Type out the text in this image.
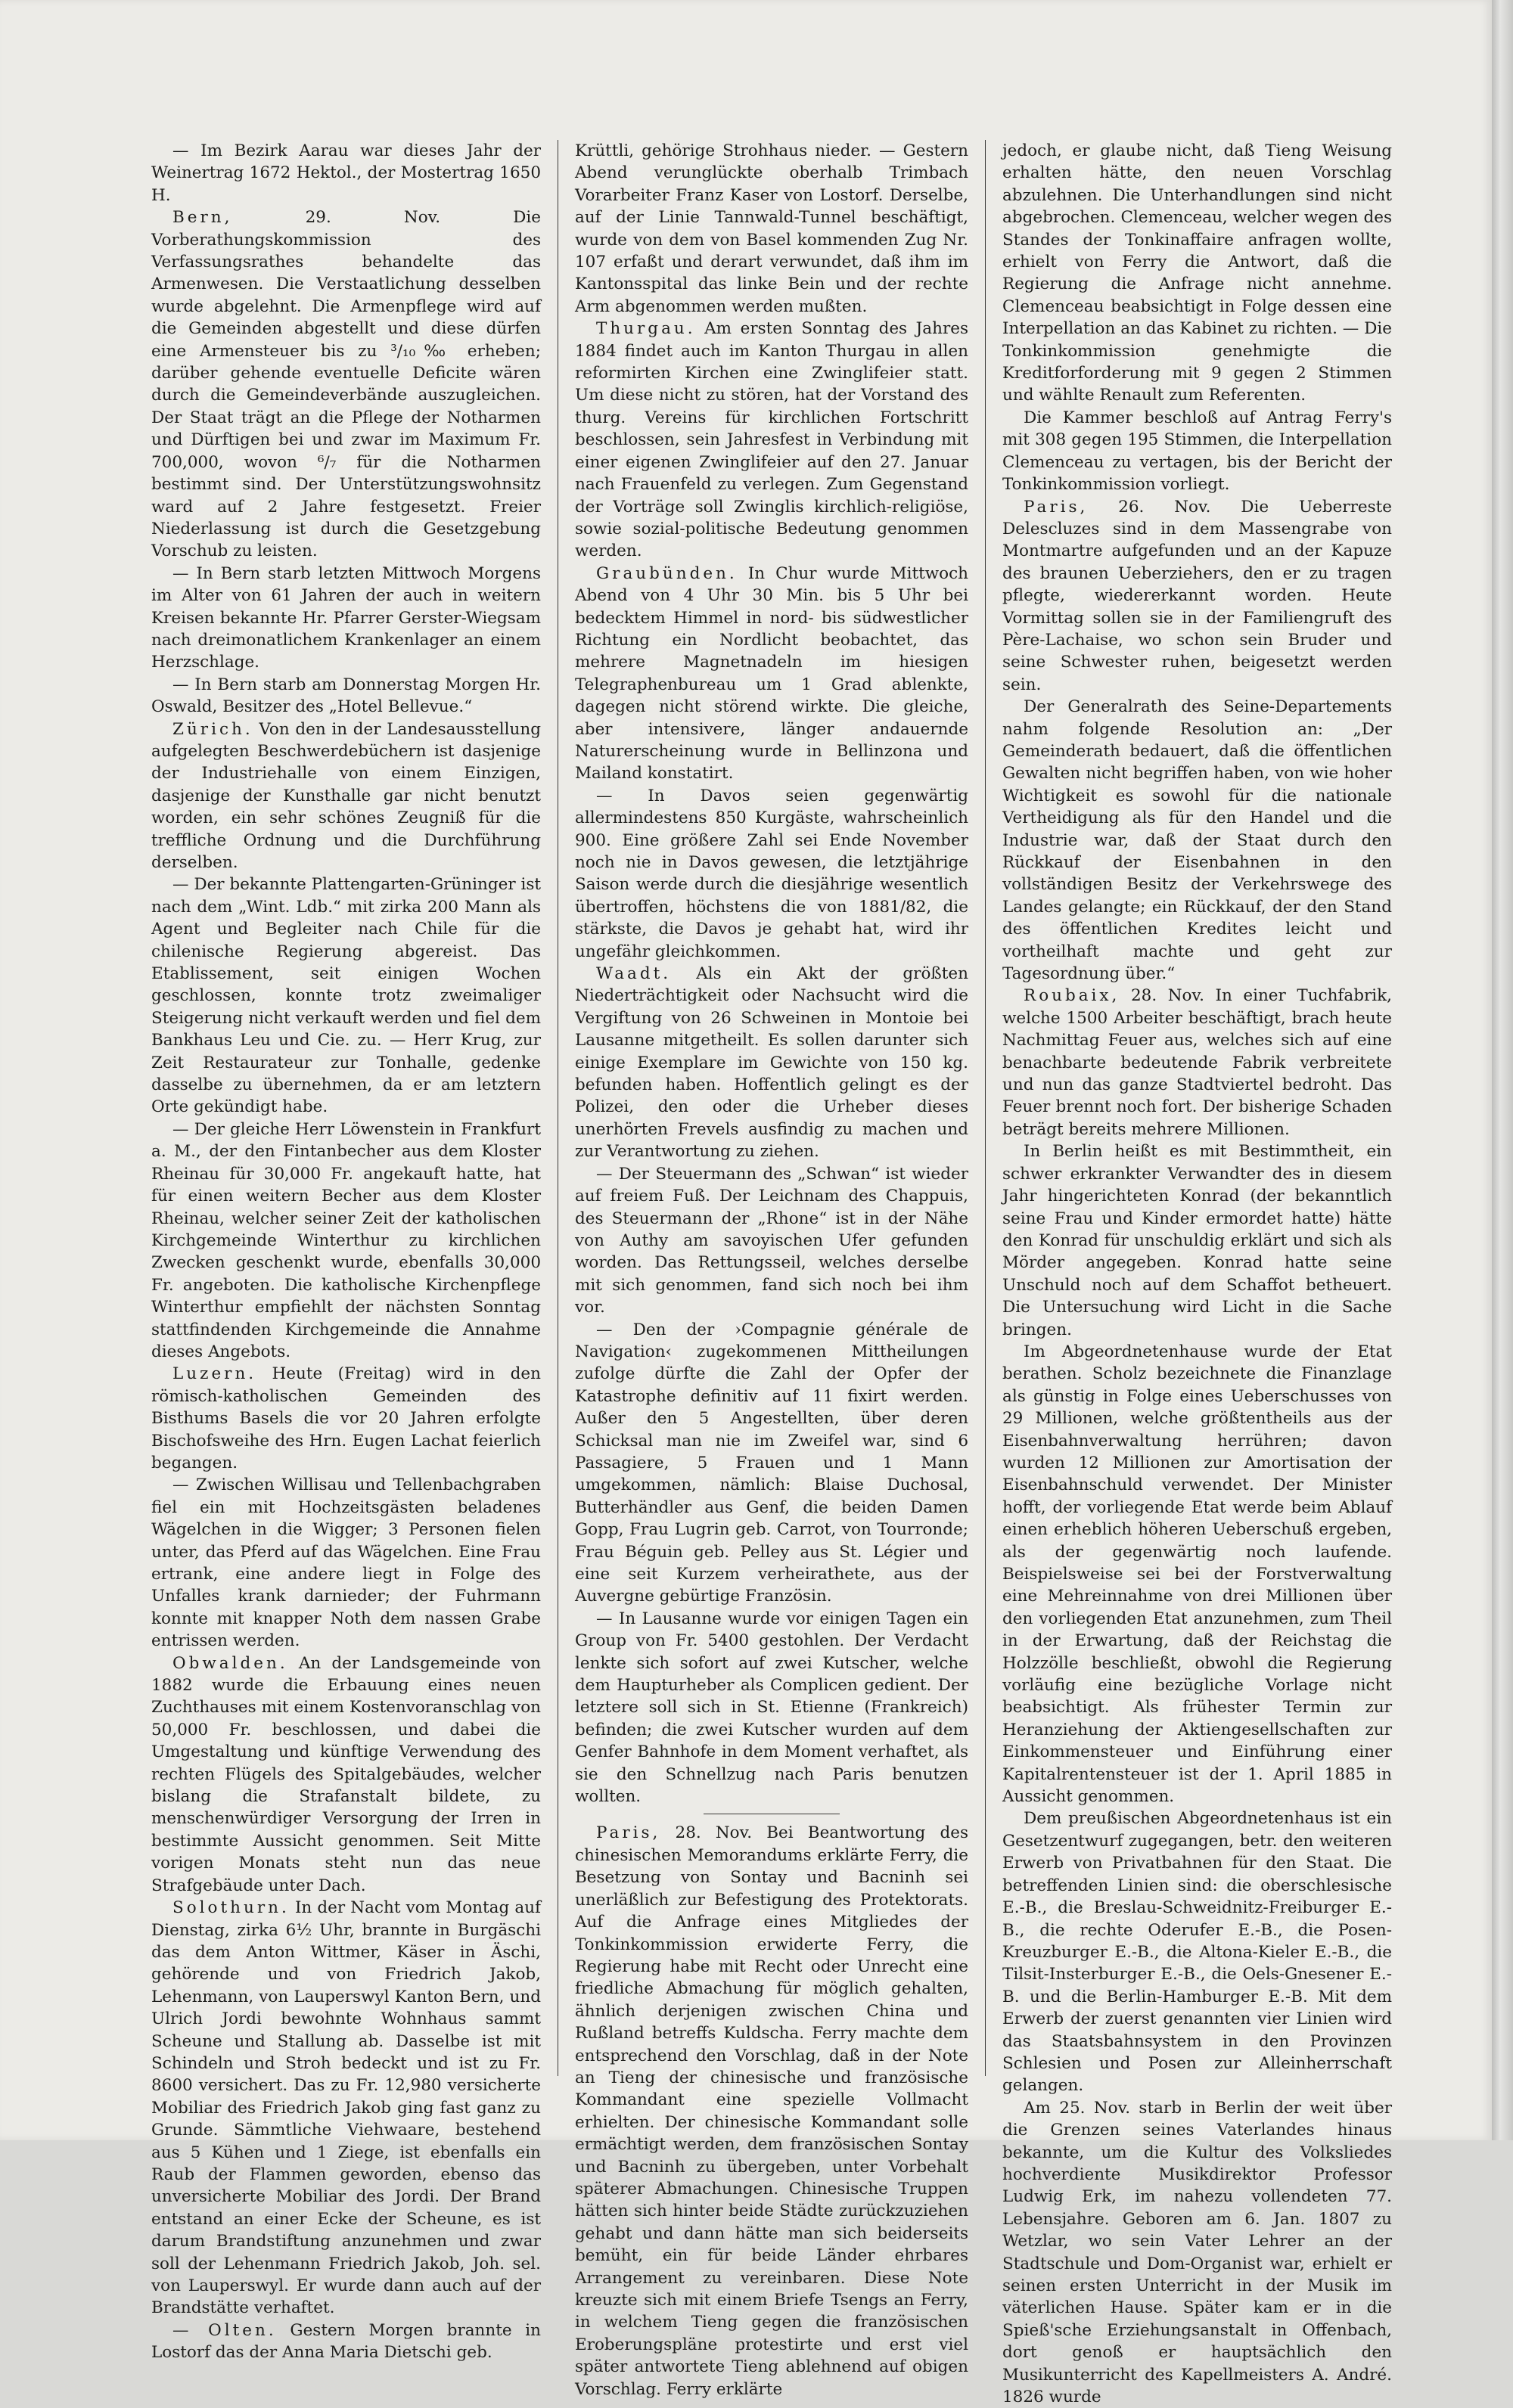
— Im Bezirk Aarau war dieses Jahr der Weinertrag 1672 Hektol., der Mostertrag 1650 H.

Bern,	29. Nov. Die Vorberathungskommission des Verfassungsrathes behandelte das Armenwesen. Die Verstaatlichung desselben wurde abgelehnt. Die Armenpflege wird auf die Gemeinden abgestellt und diese dürfen eine Armensteuer bis zu ³/₁₀‰ erheben; darüber gehende eventuelle Deficite wären durch die Gemeindeverbände auszugleichen. Der Staat trägt an die Pflege der Notharmen und Dürftigen bei und zwar im Maximum Fr. 700,000, wovon ⁶/₇ für die Notharmen bestimmt sind. Der Unterstützungswohnsitz ward auf 2 Jahre festgesetzt. Freier Niederlassung ist durch die Gesetzgebung Vorschub zu leisten.

— In Bern starb letzten Mittwoch Morgens im Alter von 61 Jahren der auch in weitern Kreisen bekannte Hr. Pfarrer Gerster-Wiegsam nach dreimonatlichem Krankenlager an einem Herzschlage.

— In Bern starb am Donnerstag Morgen Hr. Oswald, Besitzer des „Hotel Bellevue.“

Zürich. Von den in der Landesausstellung aufgelegten Beschwerdebüchern ist dasjenige der Industriehalle von einem Einzigen, dasjenige der Kunsthalle gar nicht benutzt worden, ein sehr schönes Zeugniß für die treffliche Ordnung und die Durchführung derselben.

— Der bekannte Plattengarten-Grüninger ist nach dem „Wint. Ldb.“ mit zirka 200 Mann als Agent und Begleiter nach Chile für die chilenische Regierung abgereist. Das Etablissement, seit einigen Wochen geschlossen, konnte trotz zweimaliger Steigerung nicht verkauft werden und fiel dem Bankhaus Leu und Cie. zu. — Herr Krug, zur Zeit Restaurateur zur Tonhalle, gedenke dasselbe zu übernehmen, da er am letztern Orte gekündigt habe.

— Der gleiche Herr Löwenstein in Frankfurt a. M., der den Fintanbecher aus dem Kloster Rheinau für 30,000 Fr. angekauft hatte, hat für einen weitern Becher aus dem Kloster Rheinau, welcher seiner Zeit der katholischen Kirchgemeinde Winterthur zu kirchlichen Zwecken geschenkt wurde, ebenfalls 30,000 Fr. angeboten. Die katholische Kirchenpflege Winterthur empfiehlt der nächsten Sonntag stattfindenden Kirchgemeinde die Annahme dieses Angebots.

Luzern. Heute (Freitag) wird in den römisch-katholischen Gemeinden des Bisthums Basels die vor 20 Jahren erfolgte Bischofsweihe des Hrn. Eugen Lachat feierlich begangen.

— Zwischen Willisau und Tellenbachgraben fiel ein mit Hochzeitsgästen beladenes Wägelchen in die Wigger; 3 Personen fielen unter, das Pferd auf das Wägelchen. Eine Frau ertrank, eine andere liegt in Folge des Unfalles krank darnieder; der Fuhrmann konnte mit knapper Noth dem nassen Grabe entrissen werden.

Obwalden. An der Landsgemeinde von 1882 wurde die Erbauung eines neuen Zuchthauses mit einem Kostenvoranschlag von 50,000 Fr. beschlossen, und dabei die Umgestaltung und künftige Verwendung des rechten Flügels des Spitalgebäudes, welcher bislang die Strafanstalt bildete, zu menschenwürdiger Versorgung der Irren in bestimmte Aussicht genommen. Seit Mitte vorigen Monats steht nun das neue Strafgebäude unter Dach.

Solothurn. In der Nacht vom Montag auf Dienstag, zirka 6½ Uhr, brannte in Burgäschi das dem Anton Wittmer, Käser in Äschi, gehörende und von Friedrich Jakob, Lehenmann, von Lauperswyl Kanton Bern, und Ulrich Jordi bewohnte Wohnhaus sammt Scheune und Stallung ab. Dasselbe ist mit Schindeln und Stroh bedeckt und ist zu Fr. 8600 versichert. Das zu Fr. 12,980 versicherte Mobiliar des Friedrich Jakob ging fast ganz zu Grunde. Sämmtliche Viehwaare, bestehend aus 5 Kühen und 1 Ziege, ist ebenfalls ein Raub der Flammen geworden, ebenso das unversicherte Mobiliar des Jordi. Der Brand entstand an einer Ecke der Scheune, es ist darum Brandstiftung anzunehmen und zwar soll der Lehenmann Friedrich Jakob, Joh. sel. von Lauperswyl. Er wurde dann auch auf der Brandstätte verhaftet.

— Olten. Gestern Morgen brannte in Lostorf das der Anna Maria Dietschi geb.

Krüttli, gehörige Strohhaus nieder. — Gestern Abend verunglückte oberhalb Trimbach Vorarbeiter Franz Kaser von Lostorf. Derselbe, auf der Linie Tannwald-Tunnel beschäftigt, wurde von dem von Basel kommenden Zug Nr. 107 erfaßt und derart verwundet, daß ihm im Kantonsspital das linke Bein und der rechte Arm abgenommen werden mußten.

Thurgau. Am ersten Sonntag des Jahres 1884 findet auch im Kanton Thurgau in allen reformirten Kirchen eine Zwinglifeier statt. Um diese nicht zu stören, hat der Vorstand des thurg. Vereins für kirchlichen Fortschritt beschlossen, sein Jahresfest in Verbindung mit einer eigenen Zwinglifeier auf den 27. Januar nach Frauenfeld zu verlegen. Zum Gegenstand der Vorträge soll Zwinglis kirchlich-religiöse, sowie sozial-politische Bedeutung genommen werden.

Graubünden. In Chur wurde Mittwoch Abend von 4 Uhr 30 Min. bis 5 Uhr bei bedecktem Himmel in nord- bis südwestlicher Richtung ein Nordlicht beobachtet, das mehrere Magnetnadeln im hiesigen Telegraphenbureau um 1 Grad ablenkte, dagegen nicht störend wirkte. Die gleiche, aber intensivere, länger andauernde Naturerscheinung wurde in Bellinzona und Mailand konstatirt.

— In Davos seien gegenwärtig allermindestens 850 Kurgäste, wahrscheinlich 900. Eine größere Zahl sei Ende November noch nie in Davos gewesen, die letztjährige Saison werde durch die diesjährige wesentlich übertroffen, höchstens die von 1881/82, die stärkste, die Davos je gehabt hat, wird ihr ungefähr gleichkommen.

Waadt. Als ein Akt der größten Niederträchtigkeit oder Nachsucht wird die Vergiftung von 26 Schweinen in Montoie bei Lausanne mitgetheilt. Es sollen darunter sich einige Exemplare im Gewichte von 150 kg. befunden haben. Hoffentlich gelingt es der Polizei, den oder die Urheber dieses unerhörten Frevels ausfindig zu machen und zur Verantwortung zu ziehen.

— Der Steuermann des „Schwan“ ist wieder auf freiem Fuß. Der Leichnam des Chappuis, des Steuermann der „Rhone“ ist in der Nähe von Authy am savoyischen Ufer gefunden worden. Das Rettungsseil, welches derselbe mit sich genommen, fand sich noch bei ihm vor.

— Den der ›Compagnie générale de Navigation‹ zugekommenen Mittheilungen zufolge dürfte die Zahl der Opfer der Katastrophe definitiv auf 11 fixirt werden. Außer den 5 Angestellten, über deren Schicksal man nie im Zweifel war, sind 6 Passagiere, 5 Frauen und 1 Mann umgekommen, nämlich: Blaise Duchosal, Butterhändler aus Genf, die beiden Damen Gopp, Frau Lugrin geb. Carrot, von Tourronde; Frau Béguin geb. Pelley aus St. Légier und eine seit Kurzem verheirathete, aus der Auvergne gebürtige Französin.

— In Lausanne wurde vor einigen Tagen ein Group von Fr. 5400 gestohlen. Der Verdacht lenkte sich sofort auf zwei Kutscher, welche dem Haupturheber als Complicen gedient. Der letztere soll sich in St. Etienne (Frankreich) befinden; die zwei Kutscher wurden auf dem Genfer Bahnhofe in dem Moment verhaftet, als sie den Schnellzug nach Paris benutzen wollten.

Paris, 28. Nov. Bei Beantwortung des chinesischen Memorandums erklärte Ferry, die Besetzung von Sontay und Bacninh sei unerläßlich zur Befestigung des Protektorats. Auf die Anfrage eines Mitgliedes der Tonkinkommission erwiderte Ferry, die Regierung habe mit Recht oder Unrecht eine friedliche Abmachung für möglich gehalten, ähnlich derjenigen zwischen China und Rußland betreffs Kuldscha. Ferry machte dem entsprechend den Vorschlag, daß in der Note an Tieng der chinesische und französische Kommandant eine spezielle Vollmacht erhielten. Der chinesische Kommandant solle ermächtigt werden, dem französischen Sontay und Bacninh zu übergeben, unter Vorbehalt späterer Abmachungen. Chinesische Truppen hätten sich hinter beide Städte zurückzuziehen gehabt und dann hätte man sich beiderseits bemüht, ein für beide Länder ehrbares Arrangement zu vereinbaren. Diese Note kreuzte sich mit einem Briefe Tsengs an Ferry, in welchem Tieng gegen die französischen Eroberungspläne protestirte und erst viel später antwortete Tieng ablehnend auf obigen Vorschlag. Ferry erklärte

jedoch, er glaube nicht, daß Tieng Weisung erhalten hätte, den neuen Vorschlag abzulehnen. Die Unterhandlungen sind nicht abgebrochen. Clemenceau, welcher wegen des Standes der Tonkinaffaire anfragen wollte, erhielt von Ferry die Antwort, daß die Regierung die Anfrage nicht annehme. Clemenceau beabsichtigt in Folge dessen eine Interpellation an das Kabinet zu richten. — Die Tonkinkommission genehmigte die Kreditforforderung mit 9 gegen 2 Stimmen und wählte Renault zum Referenten.

Die Kammer beschloß auf Antrag Ferry's mit 308 gegen 195 Stimmen, die Interpellation Clemenceau zu vertagen, bis der Bericht der Tonkinkommission vorliegt.

Paris, 26. Nov. Die Ueberreste Delescluzes sind in dem Massengrabe von Montmartre aufgefunden und an der Kapuze des braunen Ueberziehers, den er zu tragen pflegte, wiedererkannt worden. Heute Vormittag sollen sie in der Familiengruft des Père-Lachaise, wo schon sein Bruder und seine Schwester ruhen, beigesetzt werden sein.

Der Generalrath des Seine-Departements nahm folgende Resolution an: „Der Gemeinderath bedauert, daß die öffentlichen Gewalten nicht begriffen haben, von wie hoher Wichtigkeit es sowohl für die nationale Vertheidigung als für den Handel und die Industrie war, daß der Staat durch den Rückkauf der Eisenbahnen in den vollständigen Besitz der Verkehrswege des Landes gelangte; ein Rückkauf, der den Stand des öffentlichen Kredites leicht und vortheilhaft machte und geht zur Tagesordnung über.“

Roubaix, 28. Nov. In einer Tuchfabrik, welche 1500 Arbeiter beschäftigt, brach heute Nachmittag Feuer aus, welches sich auf eine benachbarte bedeutende Fabrik verbreitete und nun das ganze Stadtviertel bedroht. Das Feuer brennt noch fort. Der bisherige Schaden beträgt bereits mehrere Millionen.

In Berlin heißt es mit Bestimmtheit, ein schwer erkrankter Verwandter des in diesem Jahr hingerichteten Konrad (der bekanntlich seine Frau und Kinder ermordet hatte) hätte den Konrad für unschuldig erklärt und sich als Mörder angegeben. Konrad hatte seine Unschuld noch auf dem Schaffot betheuert. Die Untersuchung wird Licht in die Sache bringen.

Im Abgeordnetenhause wurde der Etat berathen. Scholz bezeichnete die Finanzlage als günstig in Folge eines Ueberschusses von 29 Millionen, welche größtentheils aus der Eisenbahnverwaltung herrühren; davon wurden 12 Millionen zur Amortisation der Eisenbahnschuld verwendet. Der Minister hofft, der vorliegende Etat werde beim Ablauf einen erheblich höheren Ueberschuß ergeben, als der gegenwärtig noch laufende. Beispielsweise sei bei der Forstverwaltung eine Mehreinnahme von drei Millionen über den vorliegenden Etat anzunehmen, zum Theil in der Erwartung, daß der Reichstag die Holzzölle beschließt, obwohl die Regierung vorläufig eine bezügliche Vorlage nicht beabsichtigt. Als frühester Termin zur Heranziehung der Aktiengesellschaften zur Einkommensteuer und Einführung einer Kapitalrentensteuer ist der 1. April 1885 in Aussicht genommen.

Dem preußischen Abgeordnetenhaus ist ein Gesetzentwurf zugegangen, betr. den weiteren Erwerb von Privatbahnen für den Staat. Die betreffenden Linien sind: die oberschlesische E.-B., die Breslau-Schweidnitz-Freiburger E.-B., die rechte Oderufer E.-B., die Posen-Kreuzburger E.-B., die Altona-Kieler E.-B., die Tilsit-Insterburger E.-B., die Oels-Gnesener E.-B. und die Berlin-Hamburger E.-B. Mit dem Erwerb der zuerst genannten vier Linien wird das Staatsbahnsystem in den Provinzen Schlesien und Posen zur Alleinherrschaft gelangen.

Am 25. Nov. starb in Berlin der weit über die Grenzen seines Vaterlandes hinaus bekannte, um die Kultur des Volksliedes hochverdiente Musikdirektor Professor Ludwig Erk, im nahezu vollendeten 77. Lebensjahre. Geboren am 6. Jan. 1807 zu Wetzlar, wo sein Vater Lehrer an der Stadtschule und Dom-Organist war, erhielt er seinen ersten Unterricht in der Musik im väterlichen Hause. Später kam er in die Spieß'sche Erziehungsanstalt in Offenbach, dort genoß er hauptsächlich den Musikunterricht des Kapellmeisters A. André. 1826 wurde
